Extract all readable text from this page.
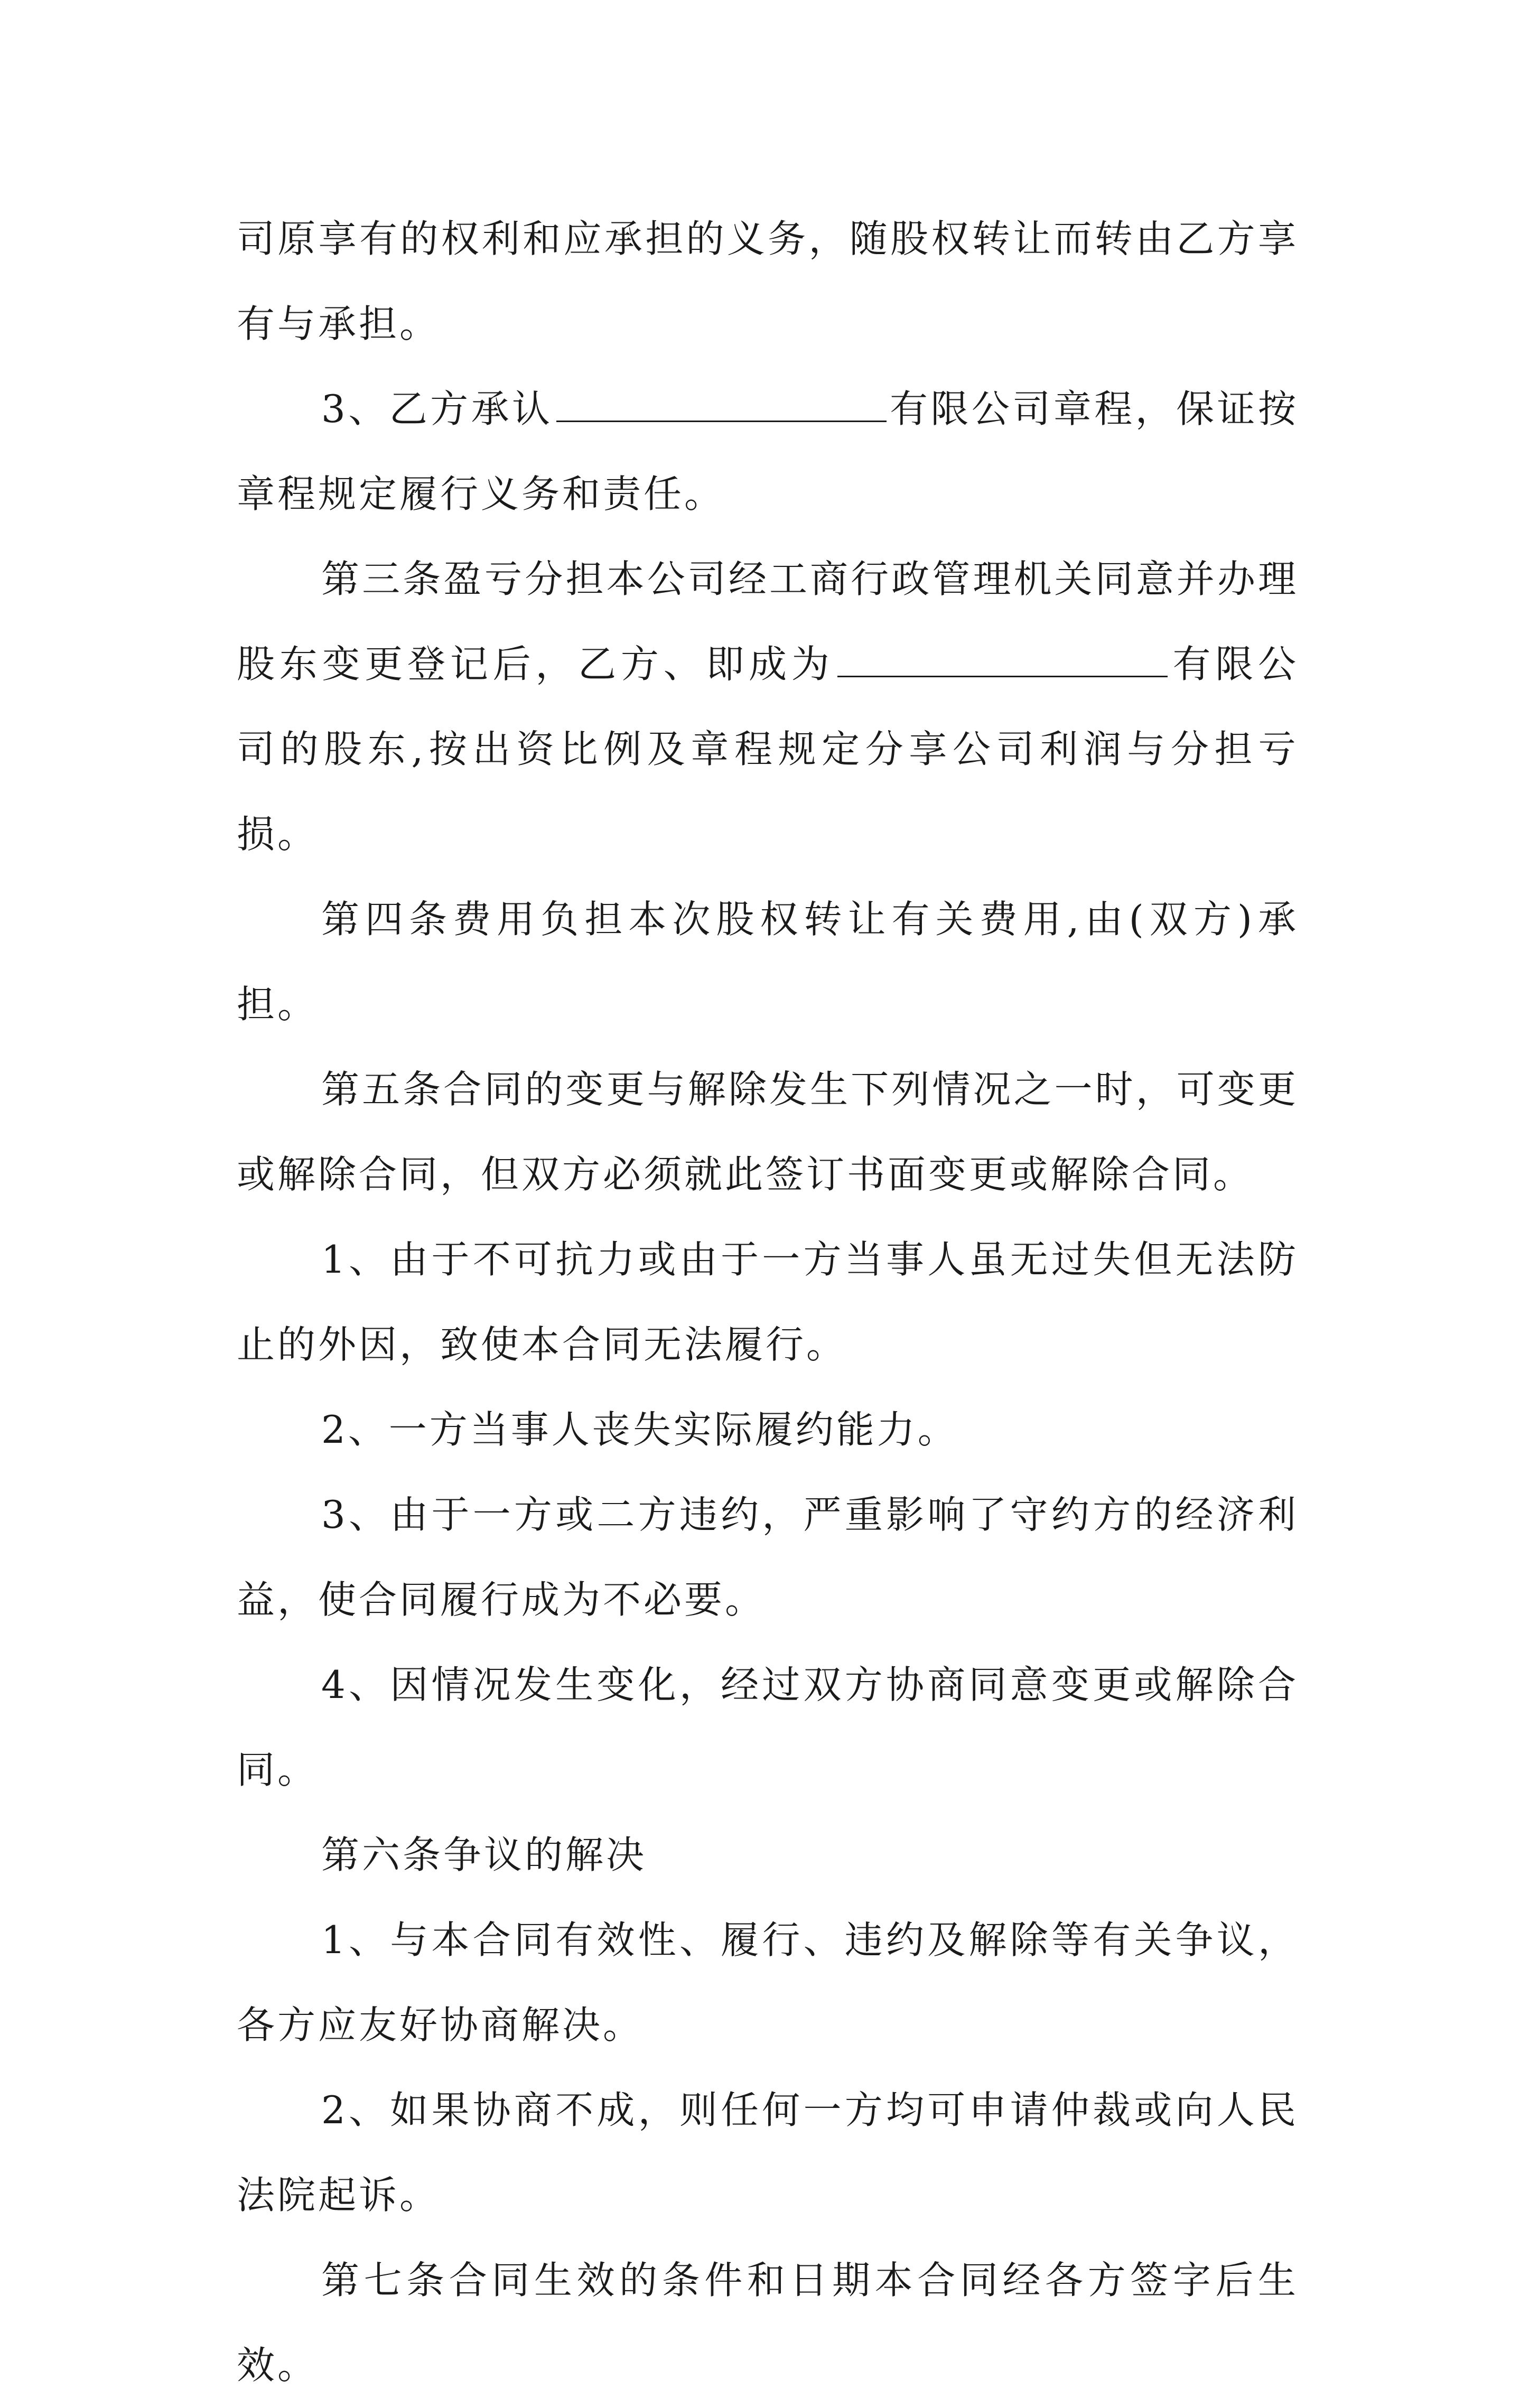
司原享有的权利和应承担的义务，随股权转让而转由乙方享有与承担。

3、乙方承认	有限公司章程，保证按章程规定履行义务和责任。

第三条盈亏分担本公司经工商行政管理机关同意并办理股东变更登记后，乙方、即成为	有限公司的股东,按出资比例及章程规定分享公司利润与分担亏损。

第四条费用负担本次股权转让有关费用,由(双方)承担。

第五条合同的变更与解除发生下列情况之一时，可变更或解除合同，但双方必须就此签订书面变更或解除合同。

1、由于不可抗力或由于一方当事人虽无过失但无法防止的外因，致使本合同无法履行。

2、一方当事人丧失实际履约能力。

3、由于一方或二方违约，严重影响了守约方的经济利益，使合同履行成为不必要。

4、因情况发生变化，经过双方协商同意变更或解除合同。

第六条争议的解决

1、与本合同有效性、履行、违约及解除等有关争议，各方应友好协商解决。

2、如果协商不成，则任何一方均可申请仲裁或向人民法院起诉。

第七条合同生效的条件和日期本合同经各方签字后生效。
